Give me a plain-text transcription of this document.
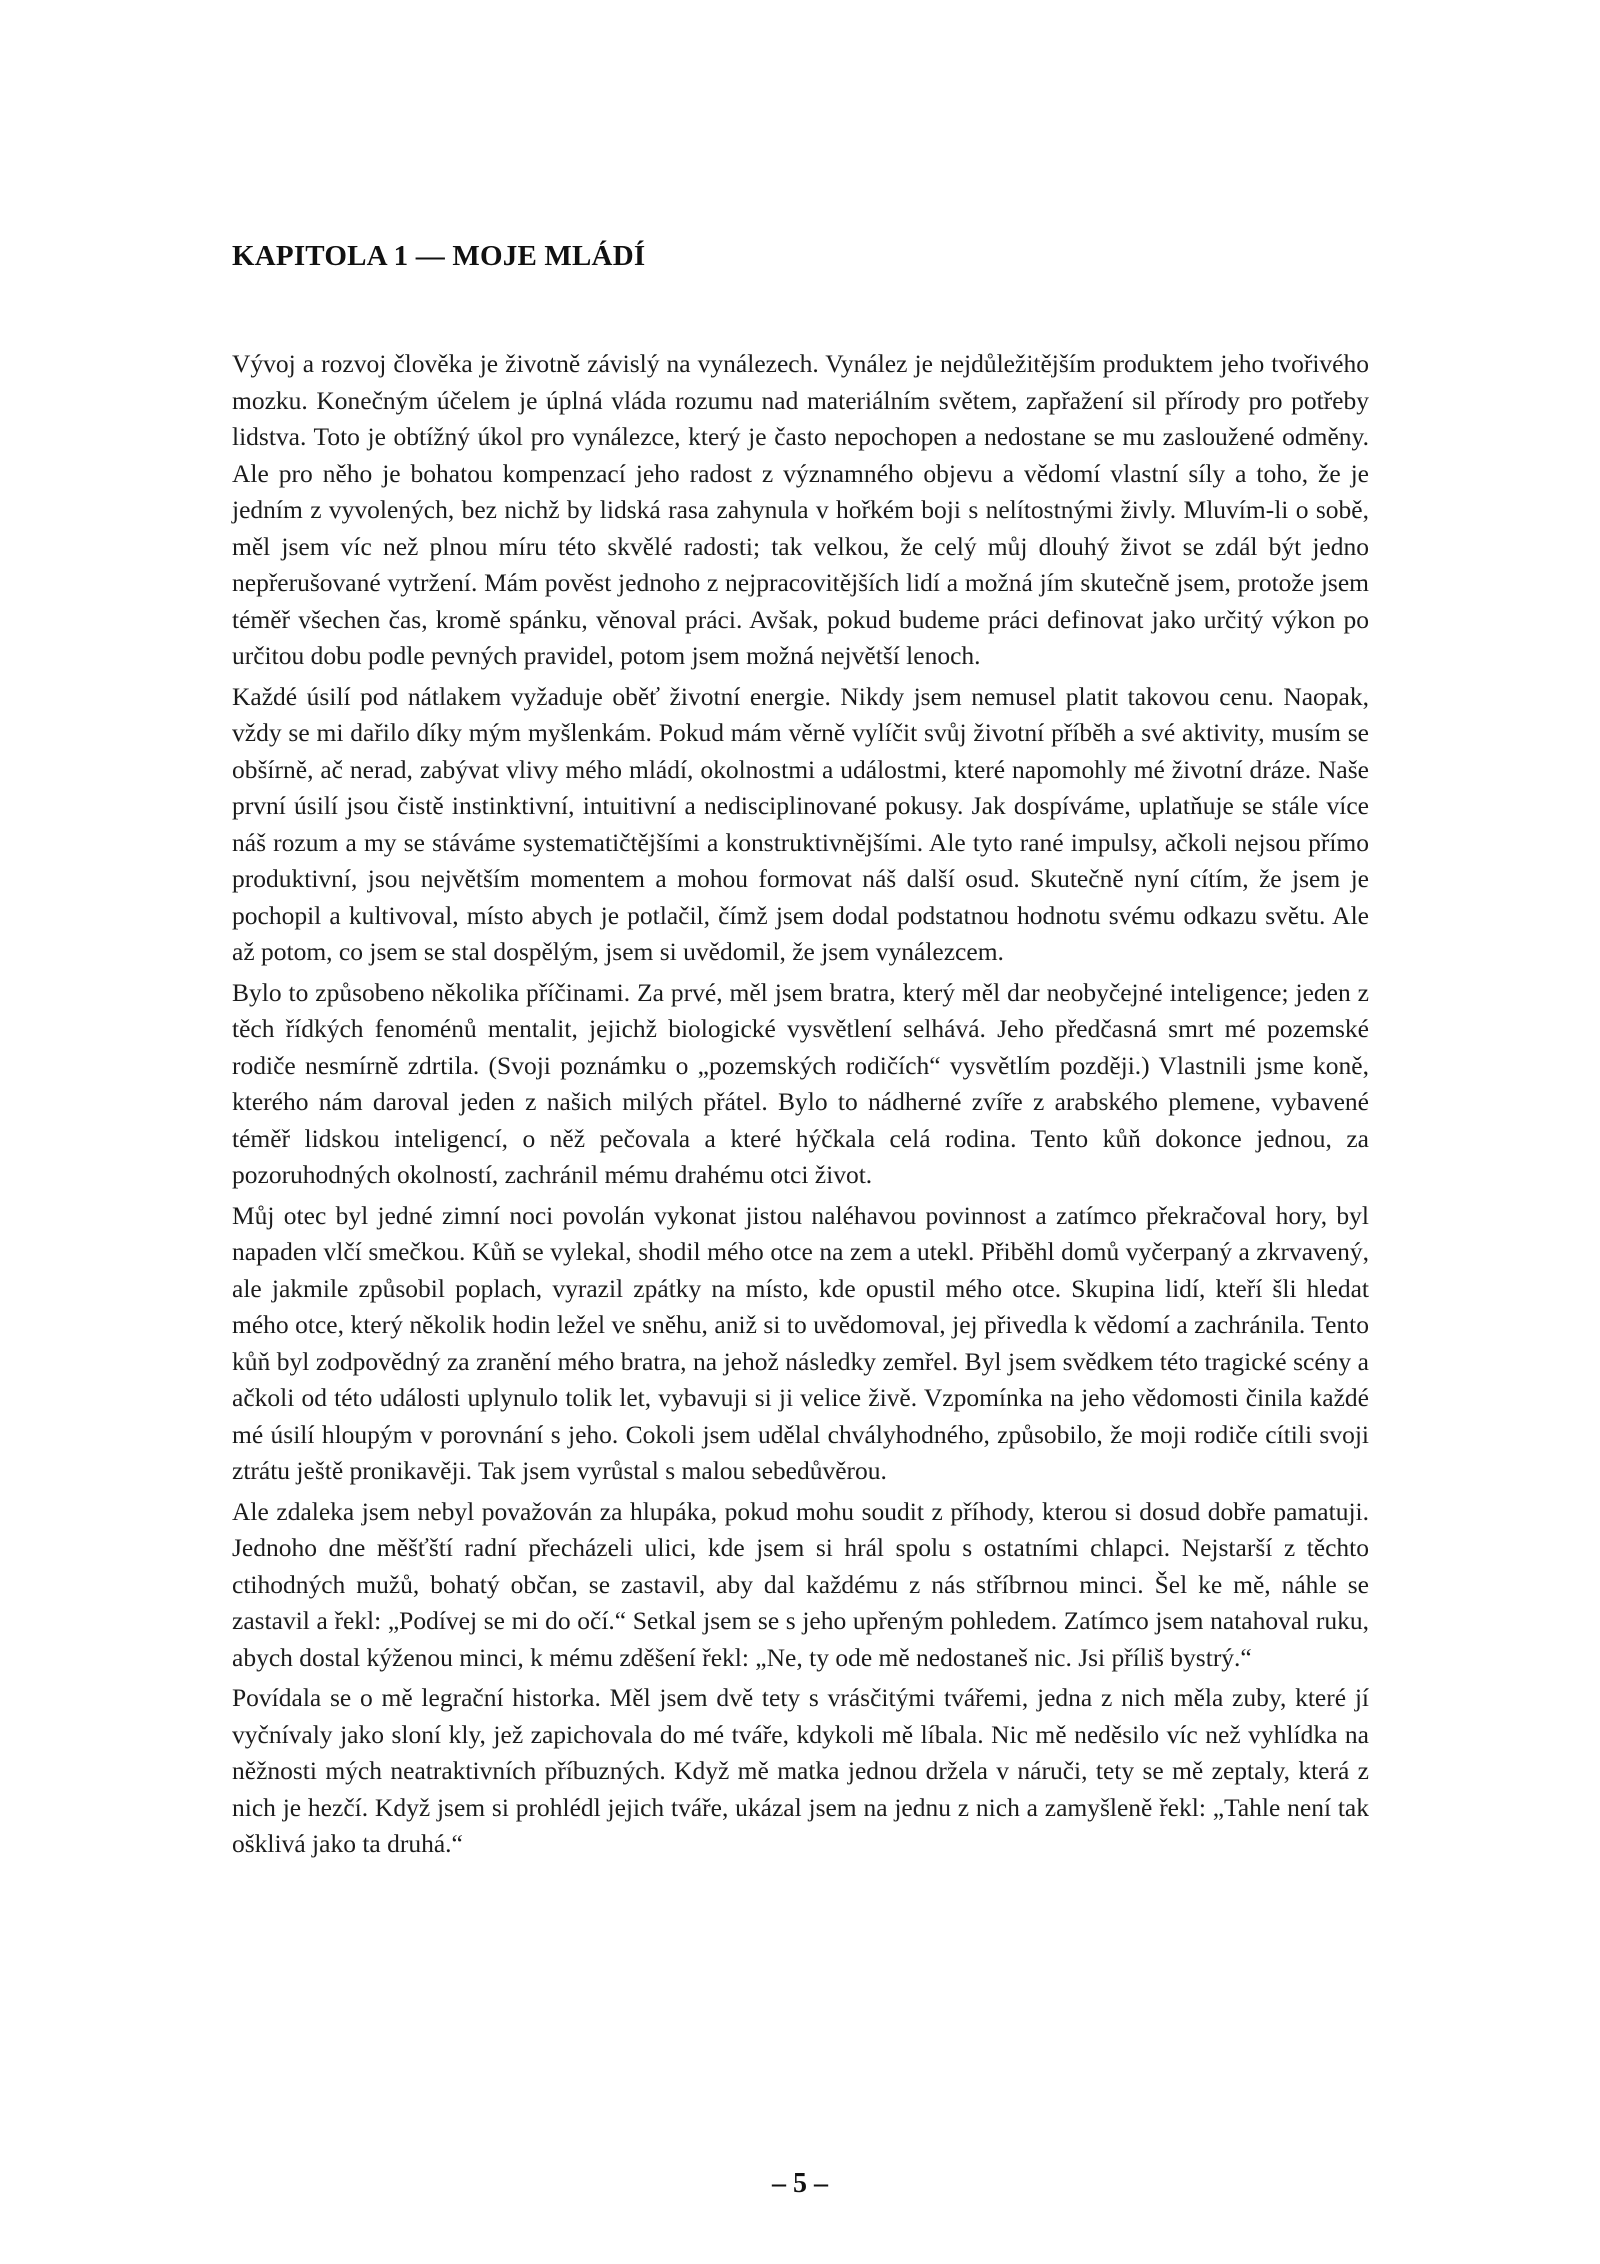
KAPITOLA 1 — MOJE MLÁDÍ

Vývoj a rozvoj člověka je životně závislý na vynálezech. Vynález je nejdůležitějším produktem jeho tvořivého mozku. Konečným účelem je úplná vláda rozumu nad materiálním světem, zapřažení sil přírody pro potřeby lidstva. Toto je obtížný úkol pro vynálezce, který je často nepochopen a nedostane se mu zasloužené odměny. Ale pro něho je bohatou kompenzací jeho radost z významného objevu a vědomí vlastní síly a toho, že je jedním z vyvolených, bez nichž by lidská rasa zahynula v hořkém boji s nelítostnými živly. Mluvím-li o sobě, měl jsem víc než plnou míru této skvělé radosti; tak velkou, že celý můj dlouhý život se zdál být jedno nepřerušované vytržení. Mám pověst jednoho z nejpracovitějších lidí a možná jím skutečně jsem, protože jsem téměř všechen čas, kromě spánku, věnoval práci. Avšak, pokud budeme práci definovat jako určitý výkon po určitou dobu podle pevných pravidel, potom jsem možná největší lenoch.

Každé úsilí pod nátlakem vyžaduje oběť životní energie. Nikdy jsem nemusel platit takovou cenu. Naopak, vždy se mi dařilo díky mým myšlenkám. Pokud mám věrně vylíčit svůj životní příběh a své aktivity, musím se obšírně, ač nerad, zabývat vlivy mého mládí, okolnostmi a událostmi, které napomohly mé životní dráze. Naše první úsilí jsou čistě instinktivní, intuitivní a nedisciplinované pokusy. Jak dospíváme, uplatňuje se stále více náš rozum a my se stáváme systematičtějšími a konstruktivnějšími. Ale tyto rané impulsy, ačkoli nejsou přímo produktivní, jsou největším momentem a mohou formovat náš další osud. Skutečně nyní cítím, že jsem je pochopil a kultivoval, místo abych je potlačil, čímž jsem dodal podstatnou hodnotu svému odkazu světu. Ale až potom, co jsem se stal dospělým, jsem si uvědomil, že jsem vynálezcem.

Bylo to způsobeno několika příčinami. Za prvé, měl jsem bratra, který měl dar neobyčejné inteligence; jeden z těch řídkých fenoménů mentalit, jejichž biologické vysvětlení selhává. Jeho předčasná smrt mé pozemské rodiče nesmírně zdrtila. (Svoji poznámku o „pozemských rodičích“ vysvětlím později.) Vlastnili jsme koně, kterého nám daroval jeden z našich milých přátel. Bylo to nádherné zvíře z arabského plemene, vybavené téměř lidskou inteligencí, o něž pečovala a které hýčkala celá rodina. Tento kůň dokonce jednou, za pozoruhodných okolností, zachránil mému drahému otci život.

Můj otec byl jedné zimní noci povolán vykonat jistou naléhavou povinnost a zatímco překračoval hory, byl napaden vlčí smečkou. Kůň se vylekal, shodil mého otce na zem a utekl. Přiběhl domů vyčerpaný a zkrvavený, ale jakmile způsobil poplach, vyrazil zpátky na místo, kde opustil mého otce. Skupina lidí, kteří šli hledat mého otce, který několik hodin ležel ve sněhu, aniž si to uvědomoval, jej přivedla k vědomí a zachránila. Tento kůň byl zodpovědný za zranění mého bratra, na jehož následky zemřel. Byl jsem svědkem této tragické scény a ačkoli od této události uplynulo tolik let, vybavuji si ji velice živě. Vzpomínka na jeho vědomosti činila každé mé úsilí hloupým v porovnání s jeho. Cokoli jsem udělal chvályhodného, způsobilo, že moji rodiče cítili svoji ztrátu ještě pronikavěji. Tak jsem vyrůstal s malou sebedůvěrou.

Ale zdaleka jsem nebyl považován za hlupáka, pokud mohu soudit z příhody, kterou si dosud dobře pamatuji. Jednoho dne měšťští radní přecházeli ulici, kde jsem si hrál spolu s ostatními chlapci. Nejstarší z těchto ctihodných mužů, bohatý občan, se zastavil, aby dal každému z nás stříbrnou minci. Šel ke mě, náhle se zastavil a řekl: „Podívej se mi do očí.“ Setkal jsem se s jeho upřeným pohledem. Zatímco jsem natahoval ruku, abych dostal kýženou minci, k mému zděšení řekl: „Ne, ty ode mě nedostaneš nic. Jsi příliš bystrý.“

Povídala se o mě legrační historka. Měl jsem dvě tety s vrásčitými tvářemi, jedna z nich měla zuby, které jí vyčnívaly jako sloní kly, jež zapichovala do mé tváře, kdykoli mě líbala. Nic mě neděsilo víc než vyhlídka na něžnosti mých neatraktivních příbuzných. Když mě matka jednou držela v náruči, tety se mě zeptaly, která z nich je hezčí. Když jsem si prohlédl jejich tváře, ukázal jsem na jednu z nich a zamyšleně řekl: „Tahle není tak ošklivá jako ta druhá.“

– 5 –
